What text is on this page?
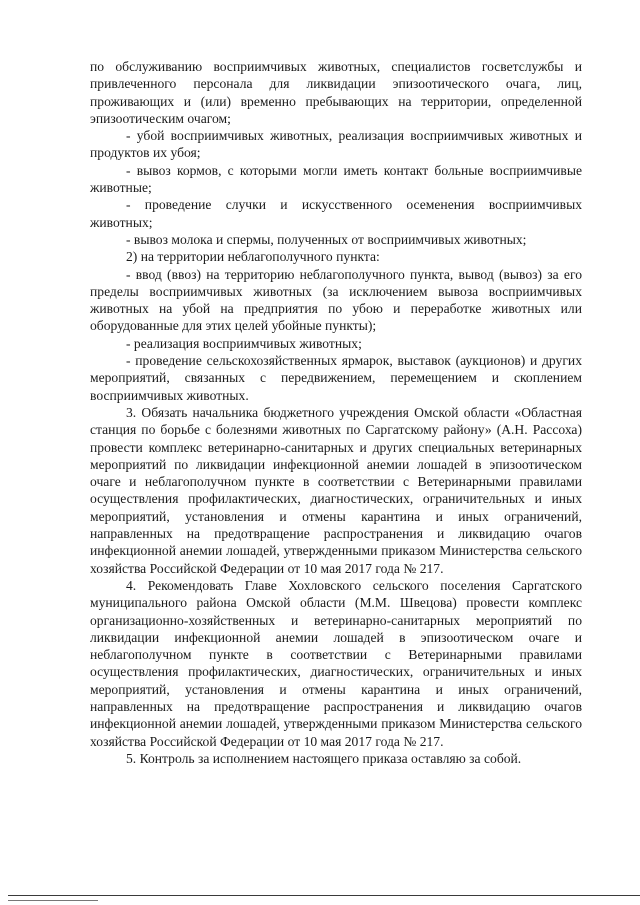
по обслуживанию восприимчивых животных, специалистов госветслужбы и привлеченного персонала для ликвидации эпизоотического очага, лиц, проживающих и (или) временно пребывающих на территории, определенной эпизоотическим очагом;

- убой восприимчивых животных, реализация восприимчивых животных и продуктов их убоя;

- вывоз кормов, с которыми могли иметь контакт больные восприимчивые животные;

- проведение случки и искусственного осеменения восприимчивых животных;

- вывоз молока и спермы, полученных от восприимчивых животных;

2) на территории неблагополучного пункта:

- ввод (ввоз) на территорию неблагополучного пункта, вывод (вывоз) за его пределы восприимчивых животных (за исключением вывоза восприимчивых животных на убой на предприятия по убою и переработке животных или оборудованные для этих целей убойные пункты);

- реализация восприимчивых животных;

- проведение сельскохозяйственных ярмарок, выставок (аукционов) и других мероприятий, связанных с передвижением, перемещением и скоплением восприимчивых животных.

3. Обязать начальника бюджетного учреждения Омской области «Областная станция по борьбе с болезнями животных по Саргатскому району» (А.Н. Рассоха) провести комплекс ветеринарно-санитарных и других специальных ветеринарных мероприятий по ликвидации инфекционной анемии лошадей в эпизоотическом очаге и неблагополучном пункте в соответствии с Ветеринарными правилами осуществления профилактических, диагностических, ограничительных и иных мероприятий, установления и отмены карантина и иных ограничений, направленных на предотвращение распространения и ликвидацию очагов инфекционной анемии лошадей, утвержденными приказом Министерства сельского хозяйства Российской Федерации от 10 мая 2017 года № 217.

4. Рекомендовать Главе Хохловского сельского поселения Саргатского муниципального района Омской области (М.М. Швецова) провести комплекс организационно-хозяйственных и ветеринарно-санитарных мероприятий по ликвидации инфекционной анемии лошадей в эпизоотическом очаге и неблагополучном пункте в соответствии с Ветеринарными правилами осуществления профилактических, диагностических, ограничительных и иных мероприятий, установления и отмены карантина и иных ограничений, направленных на предотвращение распространения и ликвидацию очагов инфекционной анемии лошадей, утвержденными приказом Министерства сельского хозяйства Российской Федерации от 10 мая 2017 года № 217.

5. Контроль за исполнением настоящего приказа оставляю за собой.
